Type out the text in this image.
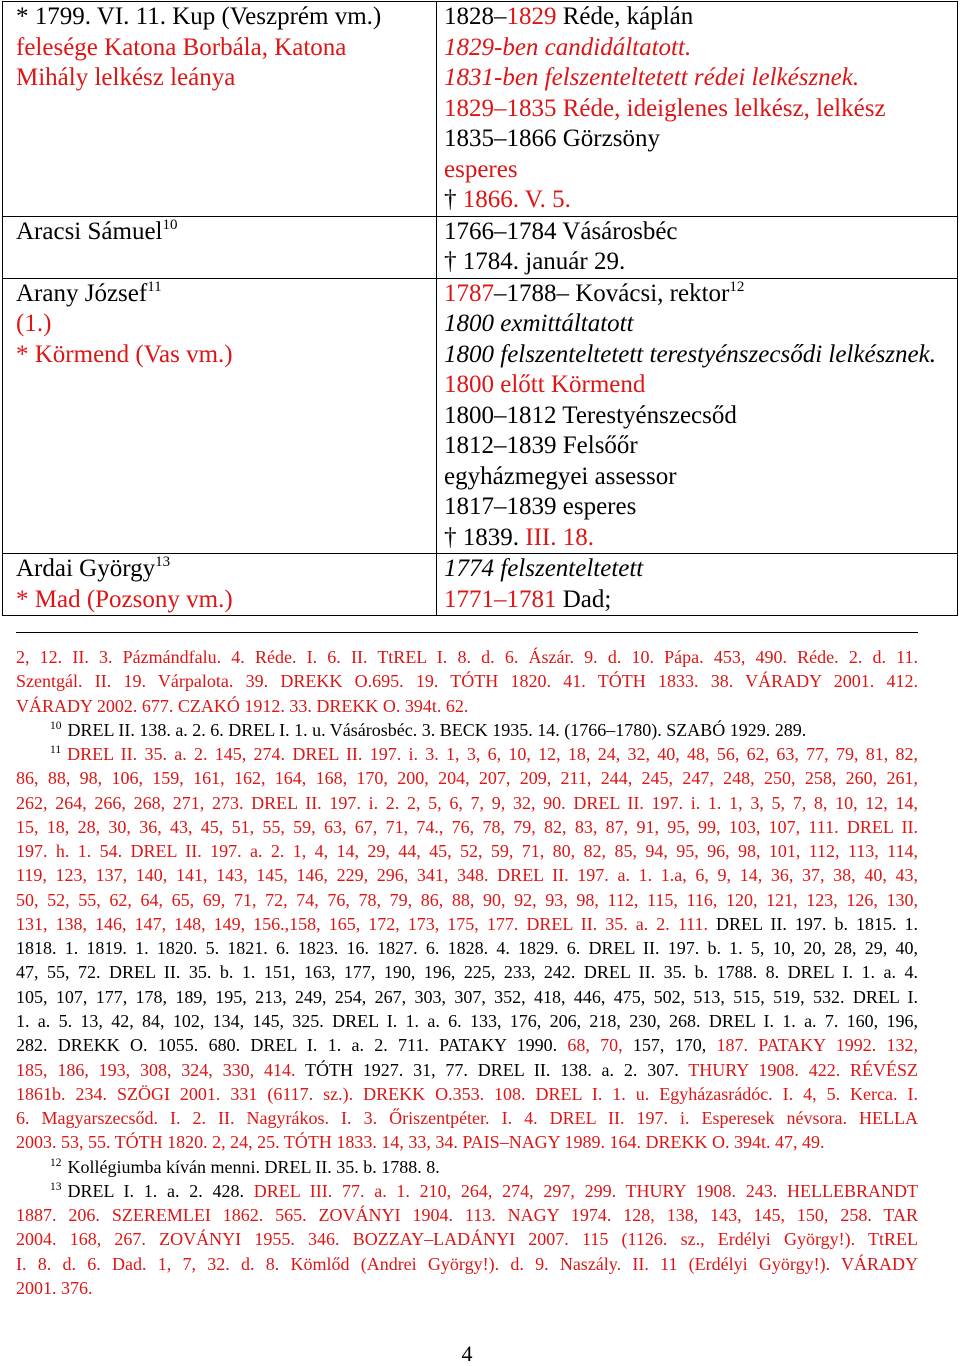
* 1799. VI. 11. Kup (Veszprém vm.)
felesége Katona Borbála, Katona
Mihály lelkész leánya
1828–1829 Réde, káplán
1829-ben candidáltatott.
1831-ben felszenteltetett rédei lelkésznek.
1829–1835 Réde, ideiglenes lelkész, lelkész
1835–1866 Görzsöny
esperes
† 1866. V. 5.
Aracsi Sámuel$^{10}$	1766–1784 Vásárosbéc
† 1784. január 29.
Arany József$^{11}$
(1.)
* Körmend (Vas vm.)
1787–1788– Kovácsi, rektor$^{12}$
1800 exmittáltatott
1800 felszenteltetett terestyénszecsődi lelkésznek.
1800 előtt Körmend
1800–1812 Terestyénszecsőd
1812–1839 Felsőőr
egyházmegyei assessor
1817–1839 esperes
† 1839. III. 18.
Ardai György$^{13}$
* Mad (Pozsony vm.)
1774 felszenteltetett
1771–1781 Dad;
2, 12. II. 3. Pázmándfalu. 4. Réde. I. 6. II. TtREL I. 8. d. 6. Ászár. 9. d. 10. Pápa. 453, 490. Réde. 2. d. 11.
Szentgál. II. 19. Várpalota. 39. DREKK O.695. 19. TÓTH 1820. 41. TÓTH 1833. 38. VÁRADY 2001. 412.
VÁRADY 2002. 677. CZAKÓ 1912. 33. DREKK O. 394t. 62.
$^{10}$ DREL II. 138. a. 2. 6. DREL I. 1. u. Vásárosbéc. 3. BECK 1935. 14. (1766–1780). SZABÓ 1929. 289.
$^{11}$ DREL II. 35. a. 2. 145, 274. DREL II. 197. i. 3. 1, 3, 6, 10, 12, 18, 24, 32, 40, 48, 56, 62, 63, 77, 79, 81, 82,
86, 88, 98, 106, 159, 161, 162, 164, 168, 170, 200, 204, 207, 209, 211, 244, 245, 247, 248, 250, 258, 260, 261,
262, 264, 266, 268, 271, 273. DREL II. 197. i. 2. 2, 5, 6, 7, 9, 32, 90. DREL II. 197. i. 1. 1, 3, 5, 7, 8, 10, 12, 14,
15, 18, 28, 30, 36, 43, 45, 51, 55, 59, 63, 67, 71, 74., 76, 78, 79, 82, 83, 87, 91, 95, 99, 103, 107, 111. DREL II.
197. h. 1. 54. DREL II. 197. a. 2. 1, 4, 14, 29, 44, 45, 52, 59, 71, 80, 82, 85, 94, 95, 96, 98, 101, 112, 113, 114,
119, 123, 137, 140, 141, 143, 145, 146, 229, 296, 341, 348. DREL II. 197. a. 1. 1.a, 6, 9, 14, 36, 37, 38, 40, 43,
50, 52, 55, 62, 64, 65, 69, 71, 72, 74, 76, 78, 79, 86, 88, 90, 92, 93, 98, 112, 115, 116, 120, 121, 123, 126, 130,
131, 138, 146, 147, 148, 149, 156.,158, 165, 172, 173, 175, 177. DREL II. 35. a. 2. 111. DREL II. 197. b. 1815. 1.
1818. 1. 1819. 1. 1820. 5. 1821. 6. 1823. 16. 1827. 6. 1828. 4. 1829. 6. DREL II. 197. b. 1. 5, 10, 20, 28, 29, 40,
47, 55, 72. DREL II. 35. b. 1. 151, 163, 177, 190, 196, 225, 233, 242. DREL II. 35. b. 1788. 8. DREL I. 1. a. 4.
105, 107, 177, 178, 189, 195, 213, 249, 254, 267, 303, 307, 352, 418, 446, 475, 502, 513, 515, 519, 532. DREL I.
1. a. 5. 13, 42, 84, 102, 134, 145, 325. DREL I. 1. a. 6. 133, 176, 206, 218, 230, 268. DREL I. 1. a. 7. 160, 196,
282. DREKK O. 1055. 680. DREL I. 1. a. 2. 711. PATAKY 1990. 68, 70, 157, 170, 187. PATAKY 1992. 132,
185, 186, 193, 308, 324, 330, 414. TÓTH 1927. 31, 77. DREL II. 138. a. 2. 307. THURY 1908. 422. RÉVÉSZ
1861b. 234. SZÖGI 2001. 331 (6117. sz.). DREKK O.353. 108. DREL I. 1. u. Egyházasrádóc. I. 4, 5. Kerca. I.
6. Magyarszecsőd. I. 2. II. Nagyrákos. I. 3. Őriszentpéter. I. 4. DREL II. 197. i. Esperesek névsora. HELLA
2003. 53, 55. TÓTH 1820. 2, 24, 25. TÓTH 1833. 14, 33, 34. PAIS–NAGY 1989. 164. DREKK O. 394t. 47, 49.
$^{12}$ Kollégiumba kíván menni. DREL II. 35. b. 1788. 8.
$^{13}$ DREL I. 1. a. 2. 428. DREL III. 77. a. 1. 210, 264, 274, 297, 299. THURY 1908. 243. HELLEBRANDT
1887. 206. SZEREMLEI 1862. 565. ZOVÁNYI 1904. 113. NAGY 1974. 128, 138, 143, 145, 150, 258. TAR
2004. 168, 267. ZOVÁNYI 1955. 346. BOZZAY–LADÁNYI 2007. 115 (1126. sz., Erdélyi György!). TtREL
I. 8. d. 6. Dad. 1, 7, 32. d. 8. Kömlőd (Andrei György!). d. 9. Naszály. II. 11 (Erdélyi György!). VÁRADY
2001. 376.
4
